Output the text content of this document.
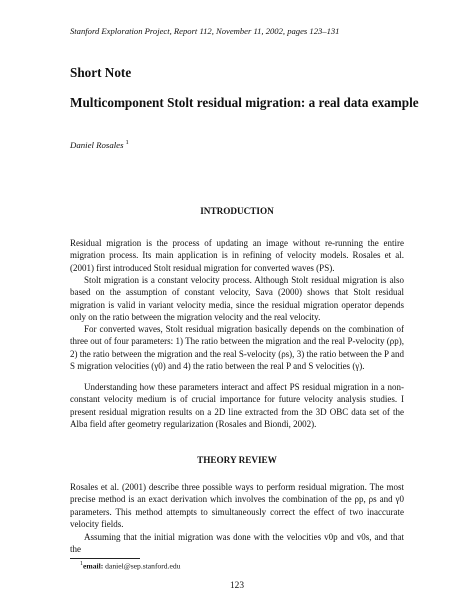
Stanford Exploration Project, Report 112, November 11, 2002, pages 123–131
Short Note
Multicomponent Stolt residual migration: a real data example
Daniel Rosales $^1$
INTRODUCTION

Residual migration is the process of updating an image without re-running the entire migration process. Its main application is in refining of velocity models. Rosales et al. (2001) first introduced Stolt residual migration for converted waves (PS).

Stolt migration is a constant velocity process. Although Stolt residual migration is also based on the assumption of constant velocity, Sava (2000) shows that Stolt residual migration is valid in variant velocity media, since the residual migration operator depends only on the ratio between the migration velocity and the real velocity.

For converted waves, Stolt residual migration basically depends on the combination of three out of four parameters: 1) The ratio between the migration and the real P-velocity (ρp), 2) the ratio between the migration and the real S-velocity (ρs), 3) the ratio between the P and S migration velocities (γ0) and 4) the ratio between the real P and S velocities (γ).

Understanding how these parameters interact and affect PS residual migration in a non-constant velocity medium is of crucial importance for future velocity analysis studies. I present residual migration results on a 2D line extracted from the 3D OBC data set of the Alba field after geometry regularization (Rosales and Biondi, 2002).

THEORY REVIEW

Rosales et al. (2001) describe three possible ways to perform residual migration. The most precise method is an exact derivation which involves the combination of the ρp, ρs and γ0 parameters. This method attempts to simultaneously correct the effect of two inaccurate velocity fields.

Assuming that the initial migration was done with the velocities v0p and v0s, and that the

$^1$email: daniel@sep.stanford.edu
123
